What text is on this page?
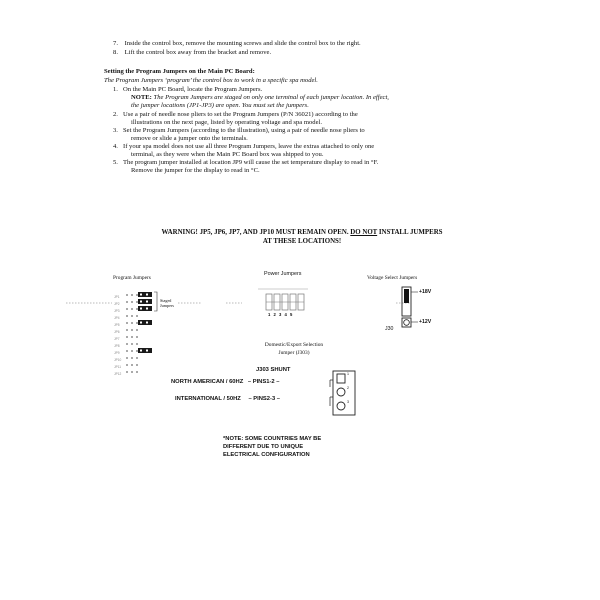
7. Inside the control box, remove the mounting screws and slide the control box to the right.
8. Lift the control box away from the bracket and remove.
Setting the Program Jumpers on the Main PC Board:
The Program Jumpers ‘program’ the control box to work in a specific spa model.
1. On the Main PC Board, locate the Program Jumpers.
NOTE: The Program Jumpers are staged on only one terminal of each jumper location. In effect,
the jumper locations (JP1-JP3) are open. You must set the jumpers.
2. Use a pair of needle nose pliers to set the Program Jumpers (P/N 36021) according to the
illustrations on the next page, listed by operating voltage and spa model.
3. Set the Program Jumpers (according to the illustration), using a pair of needle nose pliers to
remove or slide a jumper onto the terminals.
4. If your spa model does not use all three Program Jumpers, leave the extras attached to only one
terminal, as they were when the Main PC Board box was shipped to you.
5. The program jumper installed at location JP9 will cause the set temperature display to read in °F.
Remove the jumper for the display to read in °C.
WARNING! JP5, JP6, JP7, AND JP10 MUST REMAIN OPEN. DO NOT INSTALL JUMPERS
AT THESE LOCATIONS!
Program Jumpers
Power Jumpers
Voltage Select Jumpers
JP1
JP2
JP3
JP4
JP5
JP6
JP7
JP8
JP9
JP10
JP11
JP12
Staged Jumpers
1 2 3 4 5
+18V
+12V
J30
Domestic/Export Selection
Jumper (J303)
J303 SHUNT
NORTH AMERICAN / 60HZ – PINS1-2 –
INTERNATIONAL / 50HZ – PINS2-3 –
1
2
3
*NOTE: SOME COUNTRIES MAY BE
DIFFERENT DUE TO UNIQUE
ELECTRICAL CONFIGURATION
